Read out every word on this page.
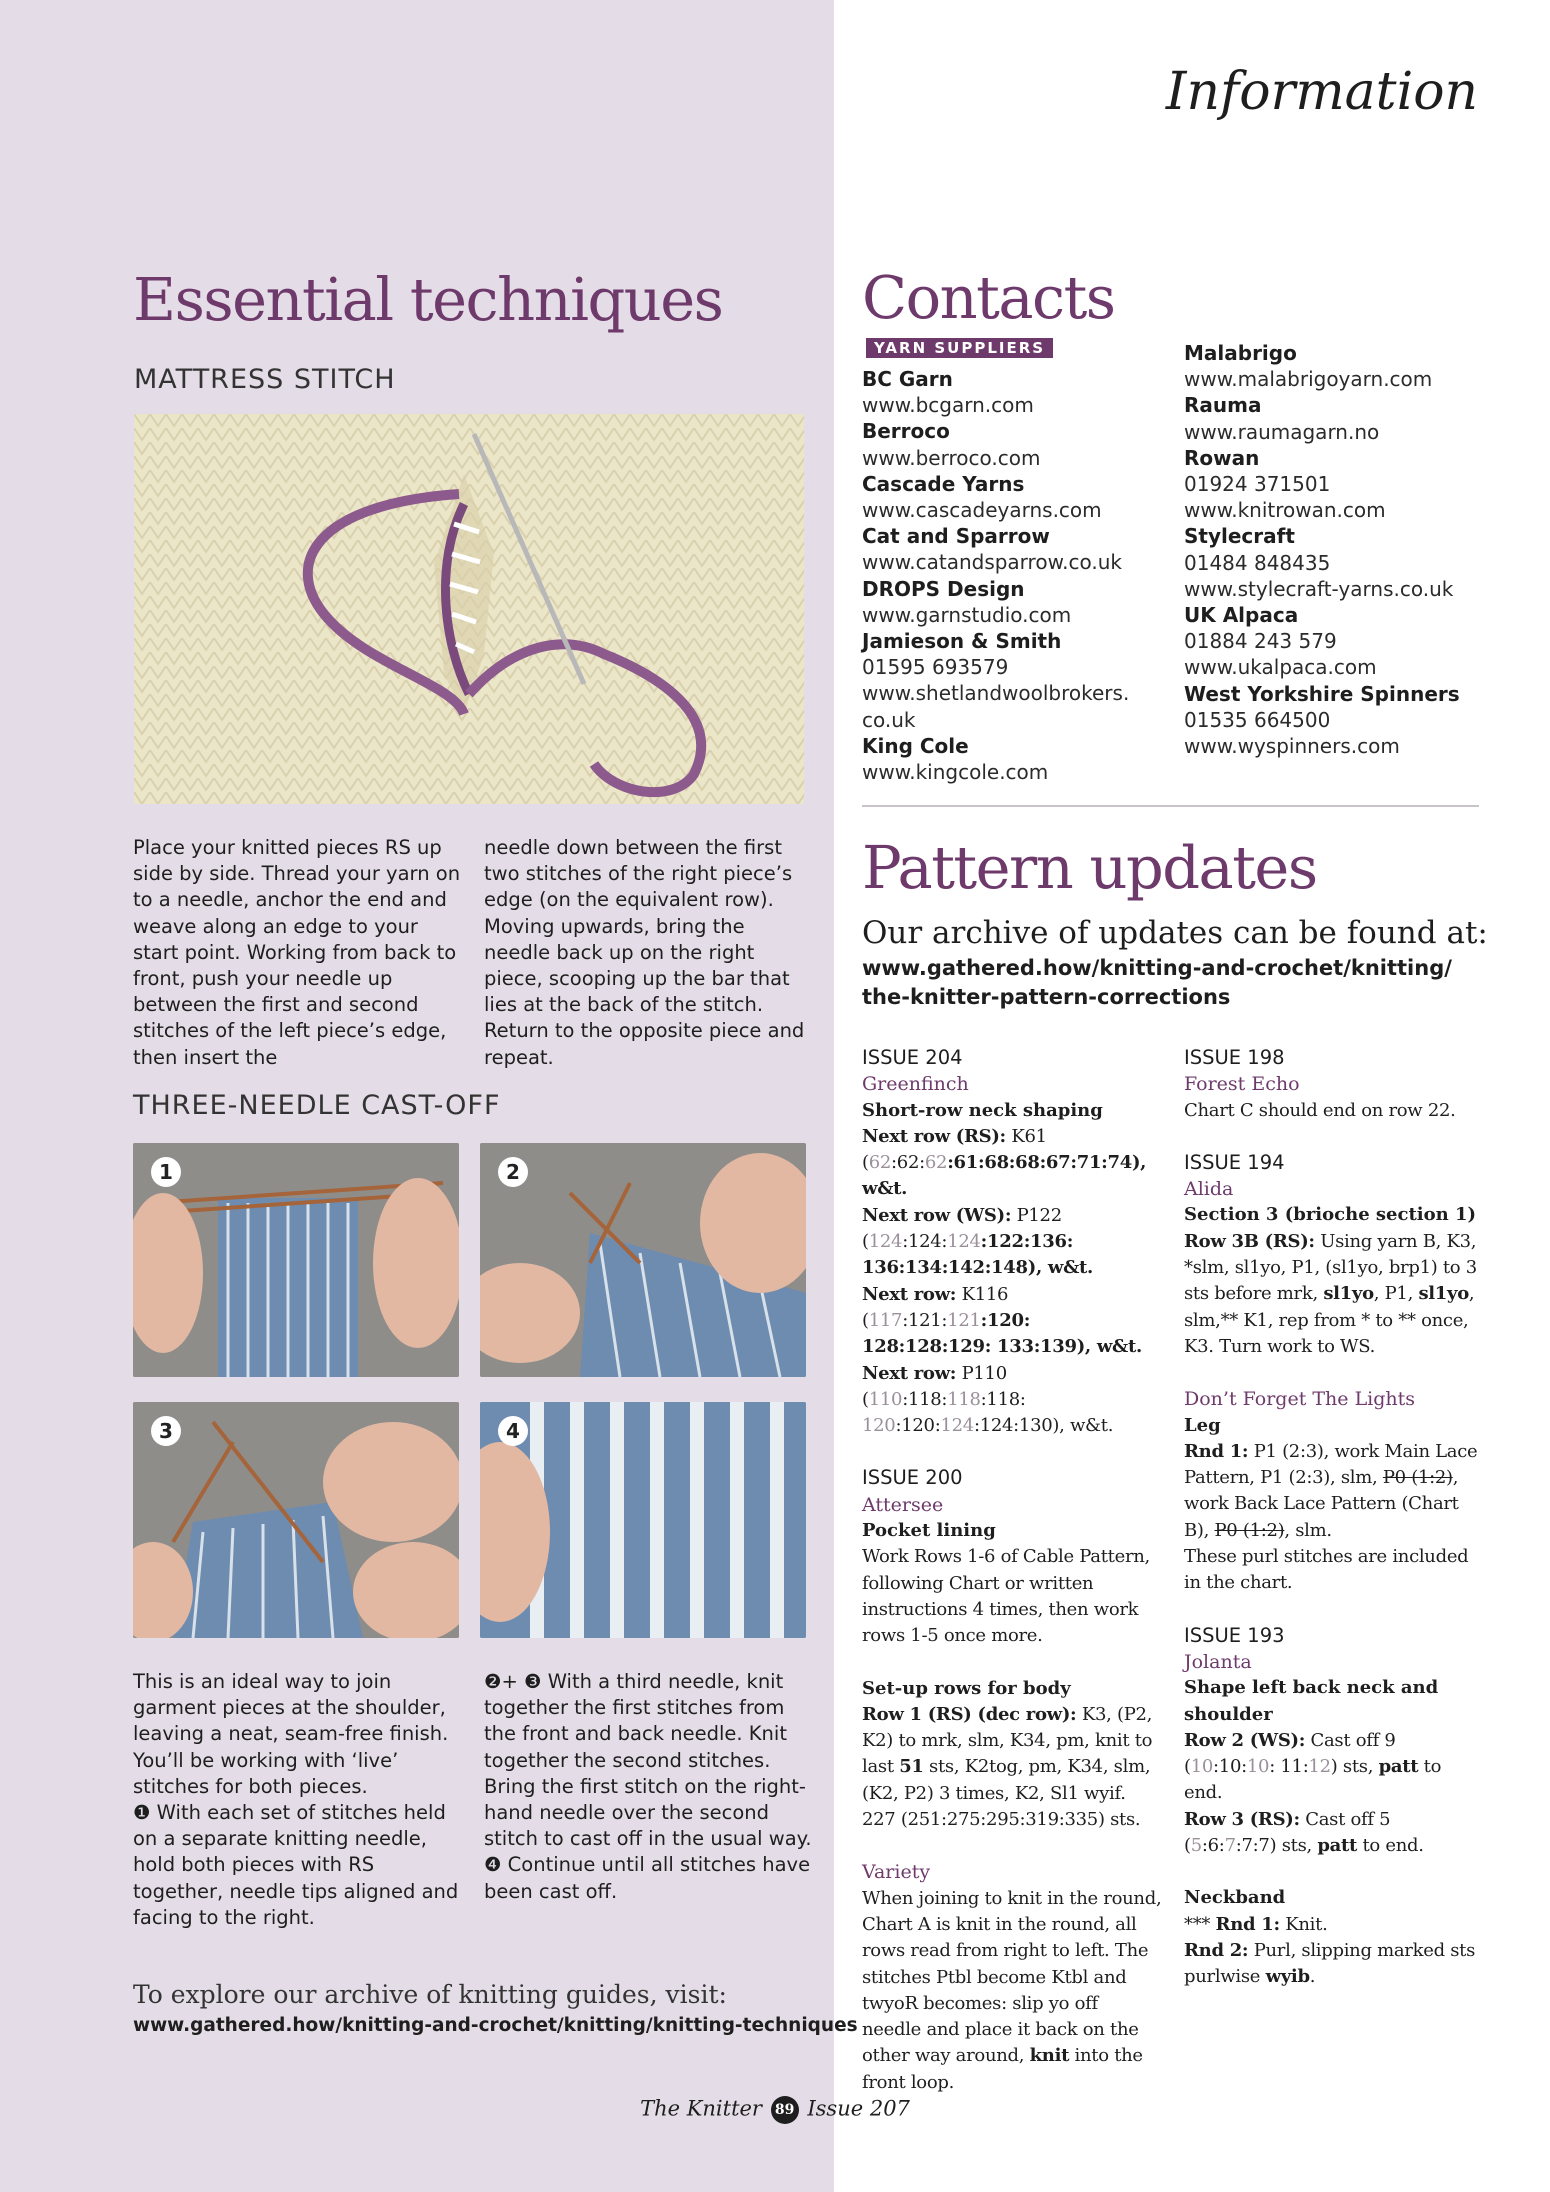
Information
Essential techniques
MATTRESS STITCH

Place your knitted pieces RS up side by side. Thread your yarn on to a needle, anchor the end and weave along an edge to your start point. Working from back to front, push your needle up between the first and second stitches of the left piece’s edge, then insert the

needle down between the first two stitches of the right piece’s edge (on the equivalent row). Moving upwards, bring the needle back up on the right piece, scooping up the bar that lies at the back of the stitch. Return to the opposite piece and repeat.

THREE-NEEDLE CAST-OFF
1	2
3	4

This is an ideal way to join garment pieces at the shoulder, leaving a neat, seam-free finish. You’ll be working with ‘live’ stitches for both pieces.

❶ With each set of stitches held on a separate knitting needle, hold both pieces with RS together, needle tips aligned and facing to the right.

❷+ ❸ With a third needle, knit together the first stitches from the front and back needle. Knit together the second stitches. Bring the first stitch on the right-hand needle over the second stitch to cast off in the usual way.

❹ Continue until all stitches have been cast off.

To explore our archive of knitting guides, visit:
www.gathered.how/knitting-and-crochet/knitting/knitting-techniques
Contacts
YARN SUPPLIERS
BC Garn
www.bcgarn.com
Berroco
www.berroco.com
Cascade Yarns
www.cascadeyarns.com
Cat and Sparrow
www.catandsparrow.co.uk
DROPS Design
www.garnstudio.com
Jamieson & Smith
01595 693579
www.shetlandwoolbrokers.
co.uk
King Cole
www.kingcole.com
Malabrigo
www.malabrigoyarn.com
Rauma
www.raumagarn.no
Rowan
01924 371501
www.knitrowan.com
Stylecraft
01484 848435
www.stylecraft-yarns.co.uk
UK Alpaca
01884 243 579
www.ukalpaca.com
West Yorkshire Spinners
01535 664500
www.wyspinners.com
Pattern updates
Our archive of updates can be found at:
www.gathered.how/knitting-and-crochet/knitting/
the-knitter-pattern-corrections
ISSUE 204
Greenfinch
Short-row neck shaping
Next row (RS): K61 (62:62:62:61:68:68:67:71:74), w&t.
Next row (WS): P122 (124:124:124:122:136: 136:134:142:148), w&t.
Next row: K116 (117:121:121:120: 128:128:129: 133:139), w&t.
Next row: P110 (110:118:118:118: 120:120:124:124:130), w&t.
ISSUE 200
Attersee
Pocket lining
Work Rows 1-6 of Cable Pattern, following Chart or written instructions 4 times, then work rows 1-5 once more.
Set-up rows for body
Row 1 (RS) (dec row): K3, (P2, K2) to mrk, slm, K34, pm, knit to last 51 sts, K2tog, pm, K34, slm, (K2, P2) 3 times, K2, Sl1 wyif.
227 (251:275:295:319:335) sts.
Variety
When joining to knit in the round, Chart A is knit in the round, all rows read from right to left. The stitches Ptbl become Ktbl and twyoR becomes: slip yo off needle and place it back on the other way around, knit into the front loop.
ISSUE 198
Forest Echo
Chart C should end on row 22.
ISSUE 194
Alida
Section 3 (brioche section 1)
Row 3B (RS): Using yarn B, K3, *slm, sl1yo, P1, (sl1yo, brp1) to 3 sts before mrk, sl1yo, P1, sl1yo, slm,** K1, rep from * to ** once, K3. Turn work to WS.
Don’t Forget The Lights
Leg
Rnd 1: P1 (2:3), work Main Lace Pattern, P1 (2:3), slm, P0 (1:2), work Back Lace Pattern (Chart B), P0 (1:2), slm.
These purl stitches are included in the chart.
ISSUE 193
Jolanta
Shape left back neck and shoulder
Row 2 (WS): Cast off 9 (10:10:10: 11:12) sts, patt to end.
Row 3 (RS): Cast off 5 (5:6:7:7:7) sts, patt to end.
Neckband
*** Rnd 1: Knit.
Rnd 2: Purl, slipping marked sts purlwise wyib.
The Knitter 89 Issue 207
